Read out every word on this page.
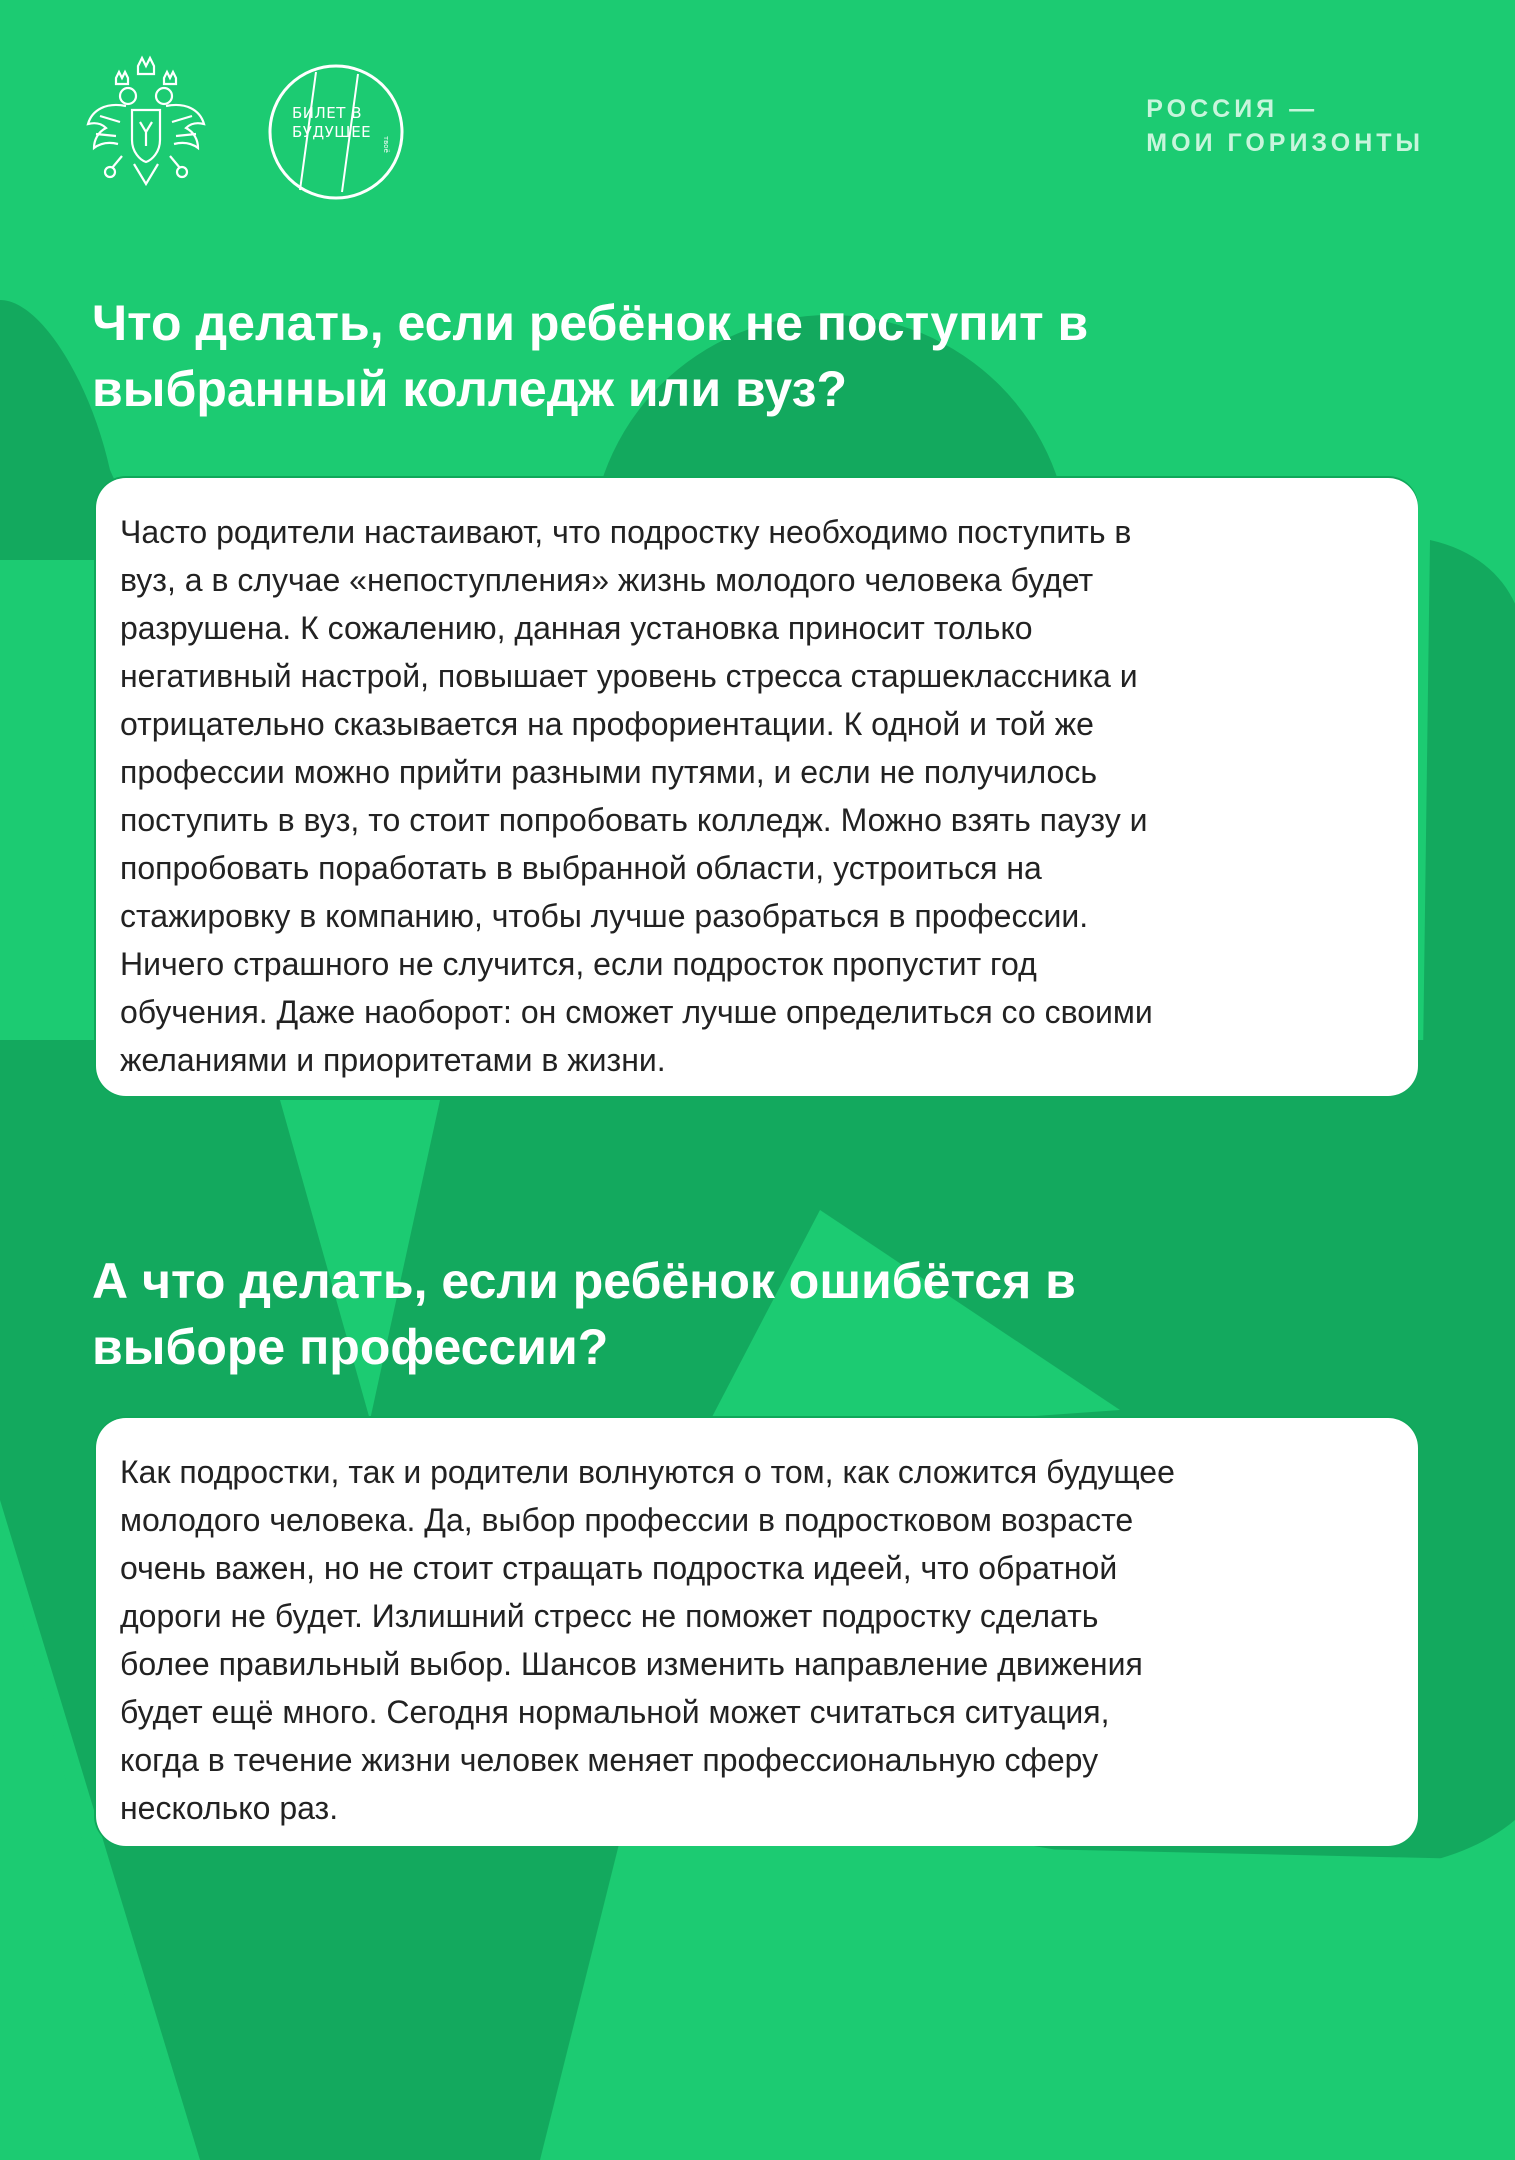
БИЛЕТ В
БУДУЩЕЕ
твоё
РОССИЯ —
МОИ ГОРИЗОНТЫ
Что делать, если ребёнок не поступит в
выбранный колледж или вуз?

Часто родители настаивают, что подростку необходимо поступить в
вуз, а в случае «непоступления» жизнь молодого человека будет
разрушена. К сожалению, данная установка приносит только
негативный настрой, повышает уровень стресса старшеклассника и
отрицательно сказывается на профориентации. К одной и той же
профессии можно прийти разными путями, и если не получилось
поступить в вуз, то стоит попробовать колледж. Можно взять паузу и
попробовать поработать в выбранной области, устроиться на
стажировку в компанию, чтобы лучше разобраться в профессии.
Ничего страшного не случится, если подросток пропустит год
обучения. Даже наоборот: он сможет лучше определиться со своими
желаниями и приоритетами в жизни.

А что делать, если ребёнок ошибётся в
выборе профессии?

Как подростки, так и родители волнуются о том, как сложится будущее
молодого человека. Да, выбор профессии в подростковом возрасте
очень важен, но не стоит стращать подростка идеей, что обратной
дороги не будет. Излишний стресс не поможет подростку сделать
более правильный выбор. Шансов изменить направление движения
будет ещё много. Сегодня нормальной может считаться ситуация,
когда в течение жизни человек меняет профессиональную сферу
несколько раз.
